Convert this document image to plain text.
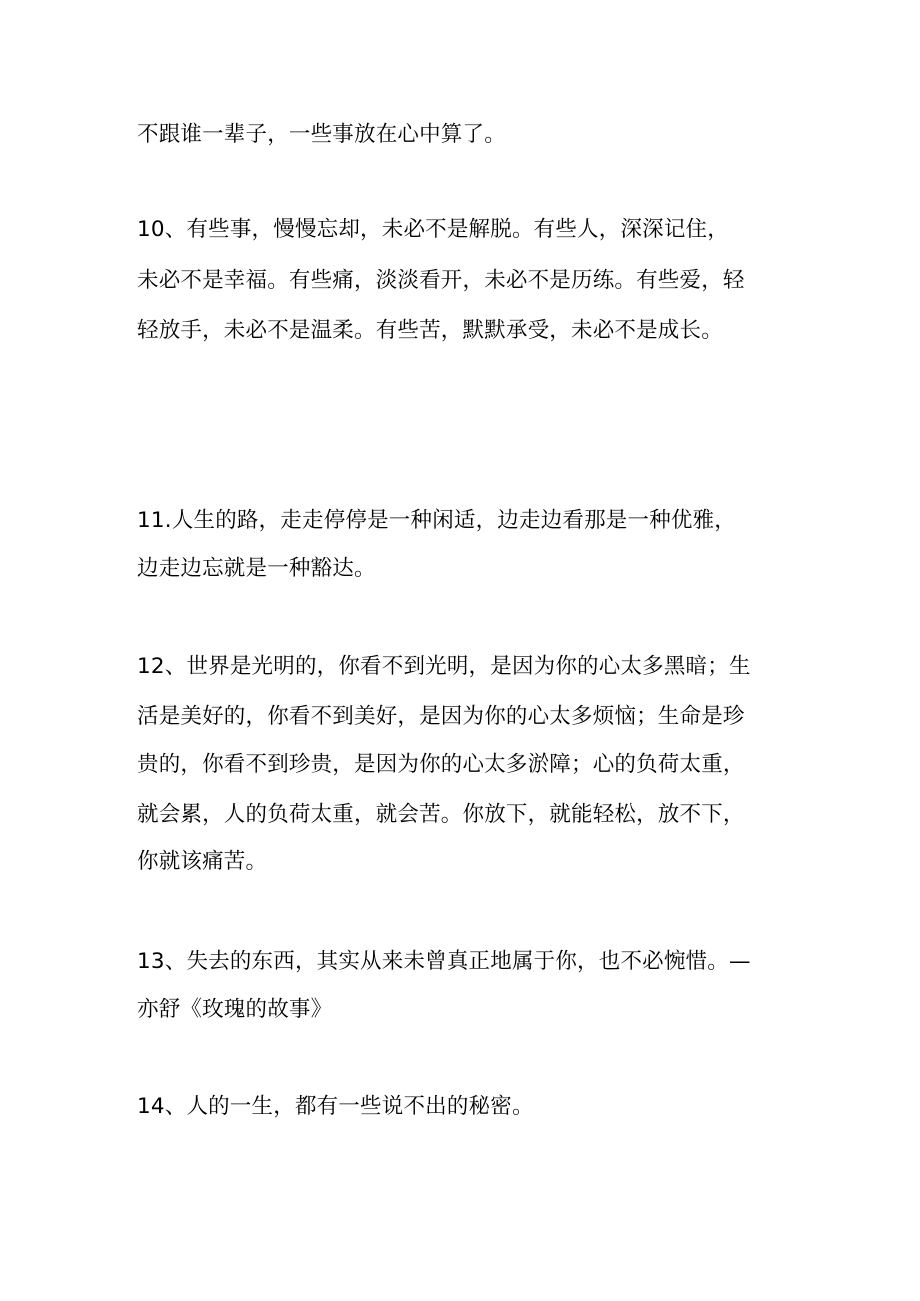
不跟谁一辈子，一些事放在心中算了。
10、有些事，慢慢忘却，未必不是解脱。有些人，深深记住，
未必不是幸福。有些痛，淡淡看开，未必不是历练。有些爱，轻
轻放手，未必不是温柔。有些苦，默默承受，未必不是成长。
11.人生的路，走走停停是一种闲适，边走边看那是一种优雅，
边走边忘就是一种豁达。
12、世界是光明的，你看不到光明，是因为你的心太多黑暗；生
活是美好的，你看不到美好，是因为你的心太多烦恼；生命是珍
贵的，你看不到珍贵，是因为你的心太多淤障；心的负荷太重，
就会累，人的负荷太重，就会苦。你放下，就能轻松，放不下，
你就该痛苦。
13、失去的东西，其实从来未曾真正地属于你，也不必惋惜。—
亦舒《玫瑰的故事》
14、人的一生，都有一些说不出的秘密。
